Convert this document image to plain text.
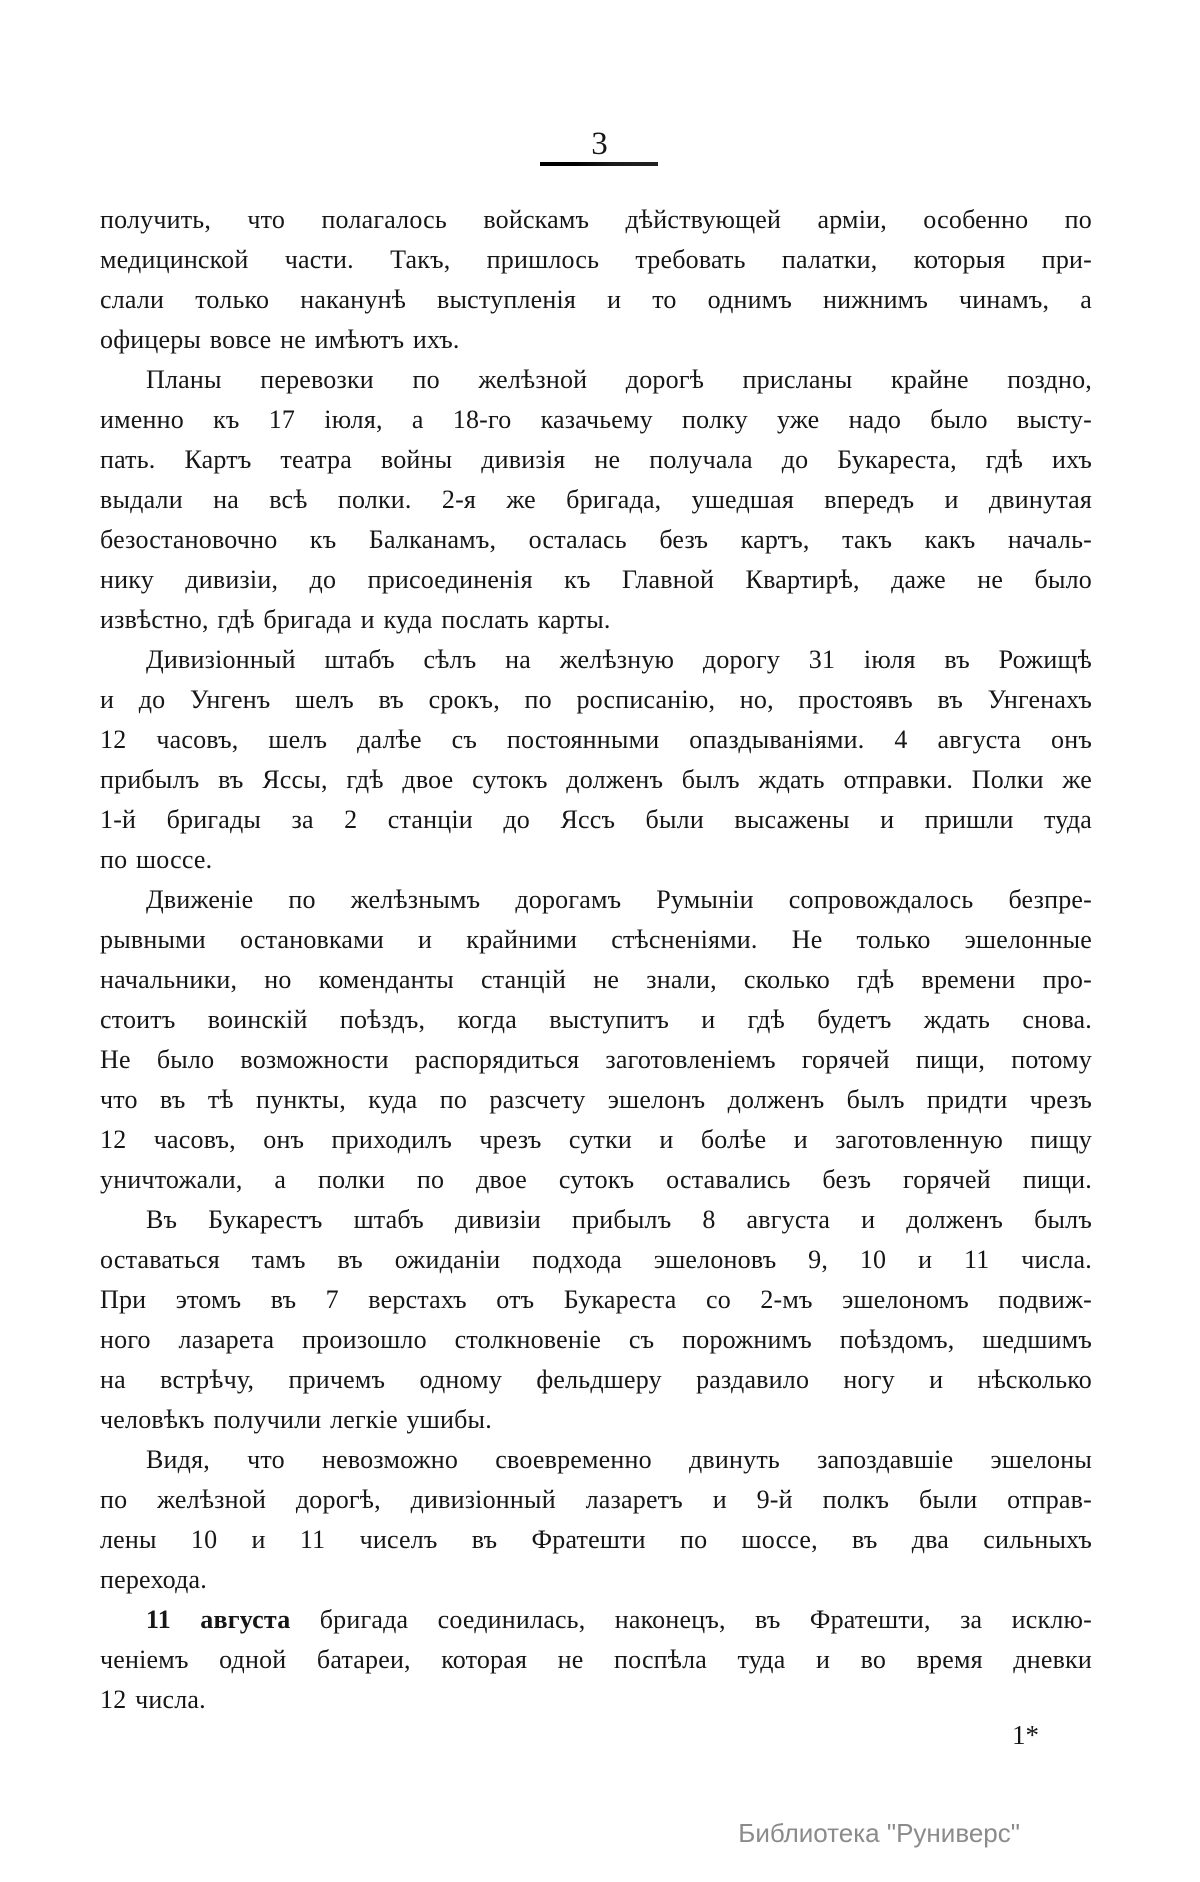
3
получить, что полагалось войскамъ дѣйствующей арміи, особенно по
медицинской части. Такъ, пришлось требовать палатки, которыя при-
слали только наканунѣ выступленія и то однимъ нижнимъ чинамъ, а
офицеры вовсе не имѣютъ ихъ.
Планы перевозки по желѣзной дорогѣ присланы крайне поздно,
именно къ 17 іюля, а 18-го казачьему полку уже надо было высту-
пать. Картъ театра войны дивизія не получала до Букареста, гдѣ ихъ
выдали на всѣ полки. 2-я же бригада, ушедшая впередъ и двинутая
безостановочно къ Балканамъ, осталась безъ картъ, такъ какъ началь-
нику дивизіи, до присоединенія къ Главной Квартирѣ, даже не было
извѣстно, гдѣ бригада и куда послать карты.
Дивизіонный штабъ сѣлъ на желѣзную дорогу 31 іюля въ Рожищѣ
и до Унгенъ шелъ въ срокъ, по росписанію, но, простоявъ въ Унгенахъ
12 часовъ, шелъ далѣе съ постоянными опаздываніями. 4 августа онъ
прибылъ въ Яссы, гдѣ двое сутокъ долженъ былъ ждать отправки. Полки же
1-й бригады за 2 станціи до Яссъ были высажены и пришли туда
по шоссе.
Движеніе по желѣзнымъ дорогамъ Румыніи сопровождалось безпре-
рывными остановками и крайними стѣсненіями. Не только эшелонные
начальники, но коменданты станцій не знали, сколько гдѣ времени про-
стоитъ воинскій поѣздъ, когда выступитъ и гдѣ будетъ ждать снова.
Не было возможности распорядиться заготовленіемъ горячей пищи, потому
что въ тѣ пункты, куда по разсчету эшелонъ долженъ былъ придти чрезъ
12 часовъ, онъ приходилъ чрезъ сутки и болѣе и заготовленную пищу
уничтожали, а полки по двое сутокъ оставались безъ горячей пищи.
Въ Букарестъ штабъ дивизіи прибылъ 8 августа и долженъ былъ
оставаться тамъ въ ожиданіи подхода эшелоновъ 9, 10 и 11 числа.
При этомъ въ 7 верстахъ отъ Букареста со 2-мъ эшелономъ подвиж-
ного лазарета произошло столкновеніе съ порожнимъ поѣздомъ, шедшимъ
на встрѣчу, причемъ одному фельдшеру раздавило ногу и нѣсколько
человѣкъ получили легкіе ушибы.
Видя, что невозможно своевременно двинуть запоздавшіе эшелоны
по желѣзной дорогѣ, дивизіонный лазаретъ и 9-й полкъ были отправ-
лены 10 и 11 чиселъ въ Фратешти по шоссе, въ два сильныхъ
перехода.
11 августа бригада соединилась, наконецъ, въ Фратешти, за исклю-
ченіемъ одной батареи, которая не поспѣла туда и во время дневки
12 числа.
1*
Библиотека "Руниверс"
